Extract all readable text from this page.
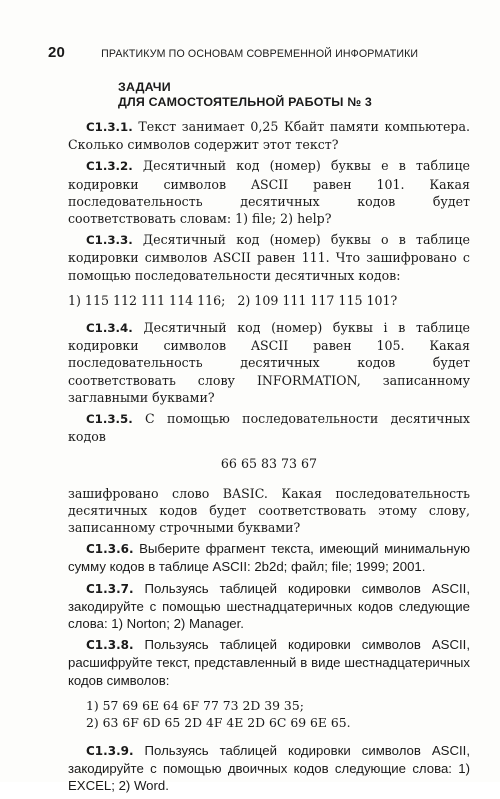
20	ПРАКТИКУМ ПО ОСНОВАМ СОВРЕМЕННОЙ ИНФОРМАТИКИ
ЗАДАЧИ
ДЛЯ САМОСТОЯТЕЛЬНОЙ РАБОТЫ № 3

С1.3.1. Текст занимает 0,25 Кбайт памяти компьютера. Сколько символов содержит этот текст?

С1.3.2. Десятичный код (номер) буквы e в таблице кодировки символов ASCII равен 101. Какая последовательность десятичных кодов будет соответствовать словам: 1) file; 2) help?

С1.3.3. Десятичный код (номер) буквы o в таблице кодировки символов ASCII равен 111. Что зашифровано с помощью последовательности десятичных кодов:

1) 115 112 111 114 116;   2) 109 111 117 115 101?

С1.3.4. Десятичный код (номер) буквы i в таблице кодировки символов ASCII равен 105. Какая последовательность десятичных кодов будет соответствовать слову INFORMATION, записанному заглавными буквами?

С1.3.5. С помощью последовательности десятичных кодов

66 65 83 73 67

зашифровано слово BASIC. Какая последовательность десятичных кодов будет соответствовать этому слову, записанному строчными буквами?

С1.3.6. Выберите фрагмент текста, имеющий минимальную сумму кодов в таблице ASCII: 2b2d; файл; file; 1999; 2001.

С1.3.7. Пользуясь таблицей кодировки символов ASCII, закодируйте с помощью шестнадцатеричных кодов следующие слова: 1) Norton; 2) Manager.

С1.3.8. Пользуясь таблицей кодировки символов ASCII, расшифруйте текст, представленный в виде шестнадцатеричных кодов символов:

1) 57 69 6E 64 6F 77 73 2D 39 35;
2) 63 6F 6D 65 2D 4F 4E 2D 6C 69 6E 65.

С1.3.9. Пользуясь таблицей кодировки символов ASCII, закодируйте с помощью двоичных кодов следующие слова: 1) EXCEL; 2) Word.
